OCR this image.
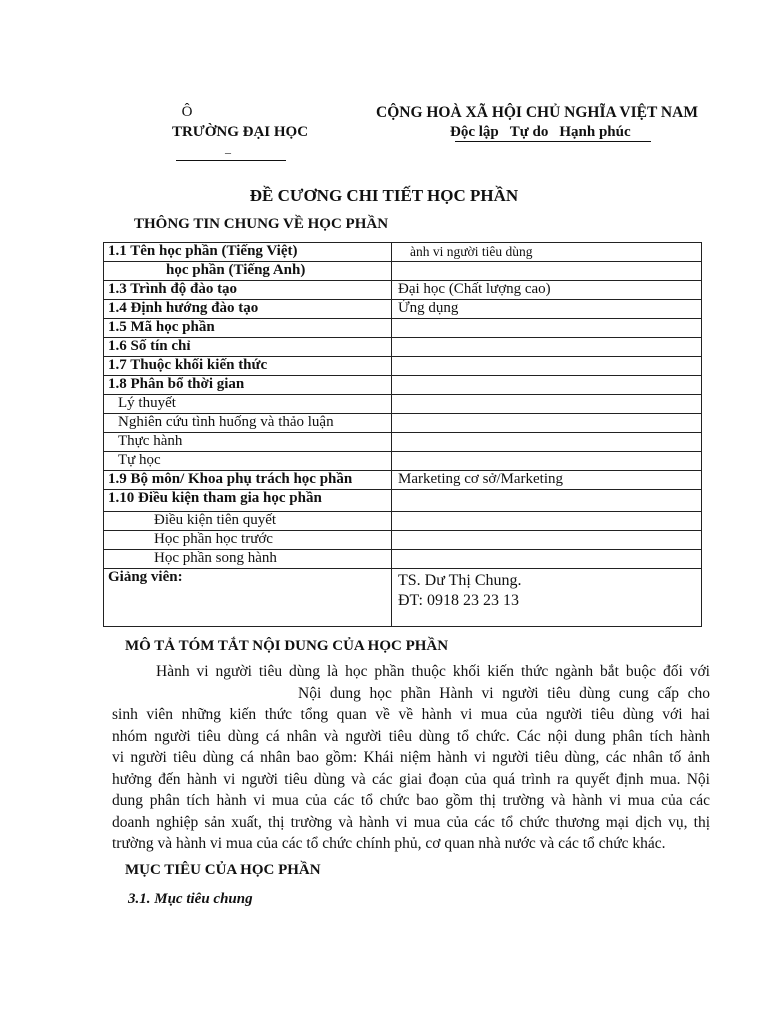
Ô
TRƯỜNG ĐẠI HỌC
–
CỘNG HOÀ XÃ HỘI CHỦ NGHĨA VIỆT NAM
Độc lập Tự do Hạnh phúc
ĐỀ CƯƠNG CHI TIẾT HỌC PHẦN
THÔNG TIN CHUNG VỀ HỌC PHẦN
1.1 Tên học phần (Tiếng Việt)	ành vi người tiêu dùng
học phần (Tiếng Anh)	
1.3 Trình độ đào tạo	Đại học (Chất lượng cao)
1.4 Định hướng đào tạo	Ứng dụng
1.5 Mã học phần	
1.6 Số tín chỉ	
1.7 Thuộc khối kiến thức	
1.8 Phân bổ thời gian	
Lý thuyết	
Nghiên cứu tình huống và thảo luận	
Thực hành	
Tự học	
1.9 Bộ môn/ Khoa phụ trách học phần	Marketing cơ sở/Marketing
1.10 Điều kiện tham gia học phần	
Điều kiện tiên quyết	
Học phần học trước	
Học phần song hành	
Giảng viên:	TS. Dư Thị Chung.
ĐT: 0918 23 23 13
MÔ TẢ TÓM TẮT NỘI DUNG CỦA HỌC PHẦN
Hành vi người tiêu dùng là học phần thuộc khối kiến thức ngành bắt buộc đối với
Nội dung học phần Hành vi người tiêu dùng cung cấp cho
sinh viên những kiến thức tổng quan về về hành vi mua của người tiêu dùng với hai
nhóm người tiêu dùng cá nhân và người tiêu dùng tổ chức. Các nội dung phân tích hành
vi người tiêu dùng cá nhân bao gồm: Khái niệm hành vi người tiêu dùng, các nhân tố ảnh
hưởng đến hành vi người tiêu dùng và các giai đoạn của quá trình ra quyết định mua. Nội
dung phân tích hành vi mua của các tổ chức bao gồm thị trường và hành vi mua của các
doanh nghiệp sản xuất, thị trường và hành vi mua của các tổ chức thương mại dịch vụ, thị
trường và hành vi mua của các tổ chức chính phủ, cơ quan nhà nước và các tổ chức khác.
MỤC TIÊU CỦA HỌC PHẦN
3.1. Mục tiêu chung
